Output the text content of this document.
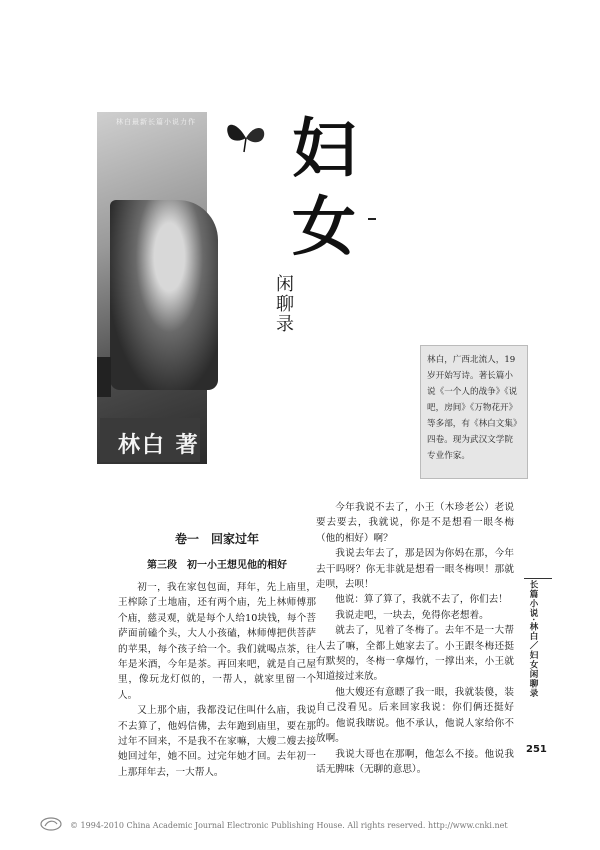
林白最新长篇小说力作 妇
女
闲聊录
林白 著
林白，广西北流人，19岁开始写诗。著长篇小说《一个人的战争》《说吧，房间》《万物花开》等多部，有《林白文集》四卷。现为武汉文学院专业作家。
卷一　回家过年
第三段　初一小王想见他的相好

初一，我在家包包面，拜年，先上庙里，王榨除了土地庙，还有两个庙，先上林师傅那个庙，慈灵观，就是每个人给10块钱，每个菩萨面前磕个头，大人小孩磕，林师傅把供菩萨的苹果，每个孩子给一个。我们就喝点茶，往年是米酒，今年是茶。再回来吧，就是自己屋里，像玩龙灯似的，一帮人，就家里留一个人。

又上那个庙，我都没记住叫什么庙，我说不去算了，他妈信佛，去年跑到庙里，要在那过年不回来，不是我不在家嘛，大嫂二嫂去接她回过年，她不回。过完年她才回。去年初一上那拜年去，一大帮人。

今年我说不去了，小王（木珍老公）老说要去要去，我就说，你是不是想看一眼冬梅（他的相好）啊？

我说去年去了，那是因为你妈在那，今年去干吗呀？你无非就是想看一眼冬梅呗！那就走呗，去呗！

他说：算了算了，我就不去了，你们去！

我说走吧，一块去，免得你老想着。

就去了，见着了冬梅了。去年不是一大帮人去了嘛，全都上她家去了。小王跟冬梅还挺有默契的，冬梅一拿爆竹，一撑出来，小王就知道接过来放。

他大嫂还有意瞟了我一眼，我就装傻，装自己没看见。后来回家我说：你们俩还挺好的。他说我瞎说。他不承认，他说人家给你不放啊。

我说大哥也在那啊，他怎么不接。他说我话无脾味（无聊的意思）。

长篇小说·林白／妇女闲聊录
251
© 1994-2010 China Academic Journal Electronic Publishing House. All rights reserved. http://www.cnki.net
